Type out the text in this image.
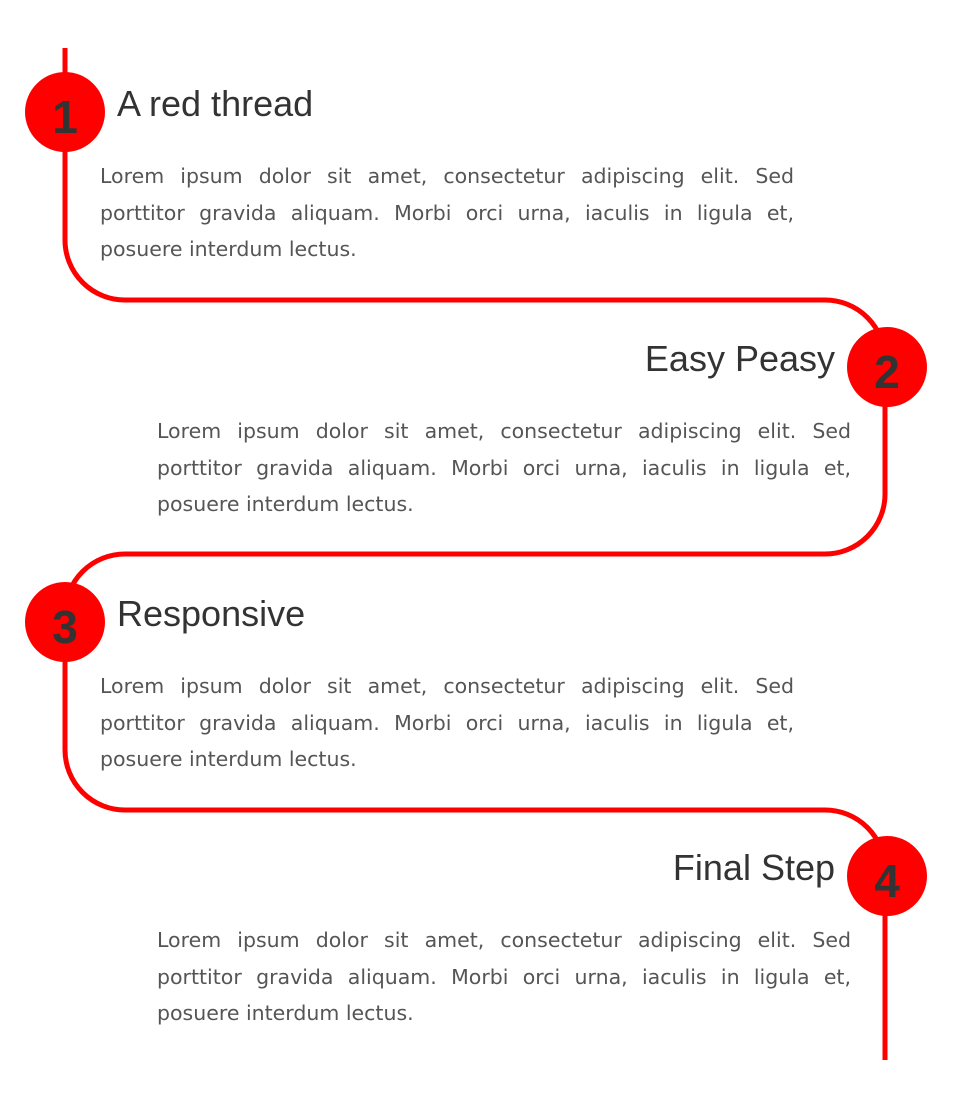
1	A red thread

Lorem ipsum dolor sit amet, consectetur adipiscing elit. Sed porttitor gravida aliquam. Morbi orci urna, iaculis in ligula et, posuere interdum lectus.

2
Easy Peasy

Lorem ipsum dolor sit amet, consectetur adipiscing elit. Sed porttitor gravida aliquam. Morbi orci urna, iaculis in ligula et, posuere interdum lectus.

3	Responsive

Lorem ipsum dolor sit amet, consectetur adipiscing elit. Sed porttitor gravida aliquam. Morbi orci urna, iaculis in ligula et, posuere interdum lectus.

4
Final Step

Lorem ipsum dolor sit amet, consectetur adipiscing elit. Sed porttitor gravida aliquam. Morbi orci urna, iaculis in ligula et, posuere interdum lectus.
